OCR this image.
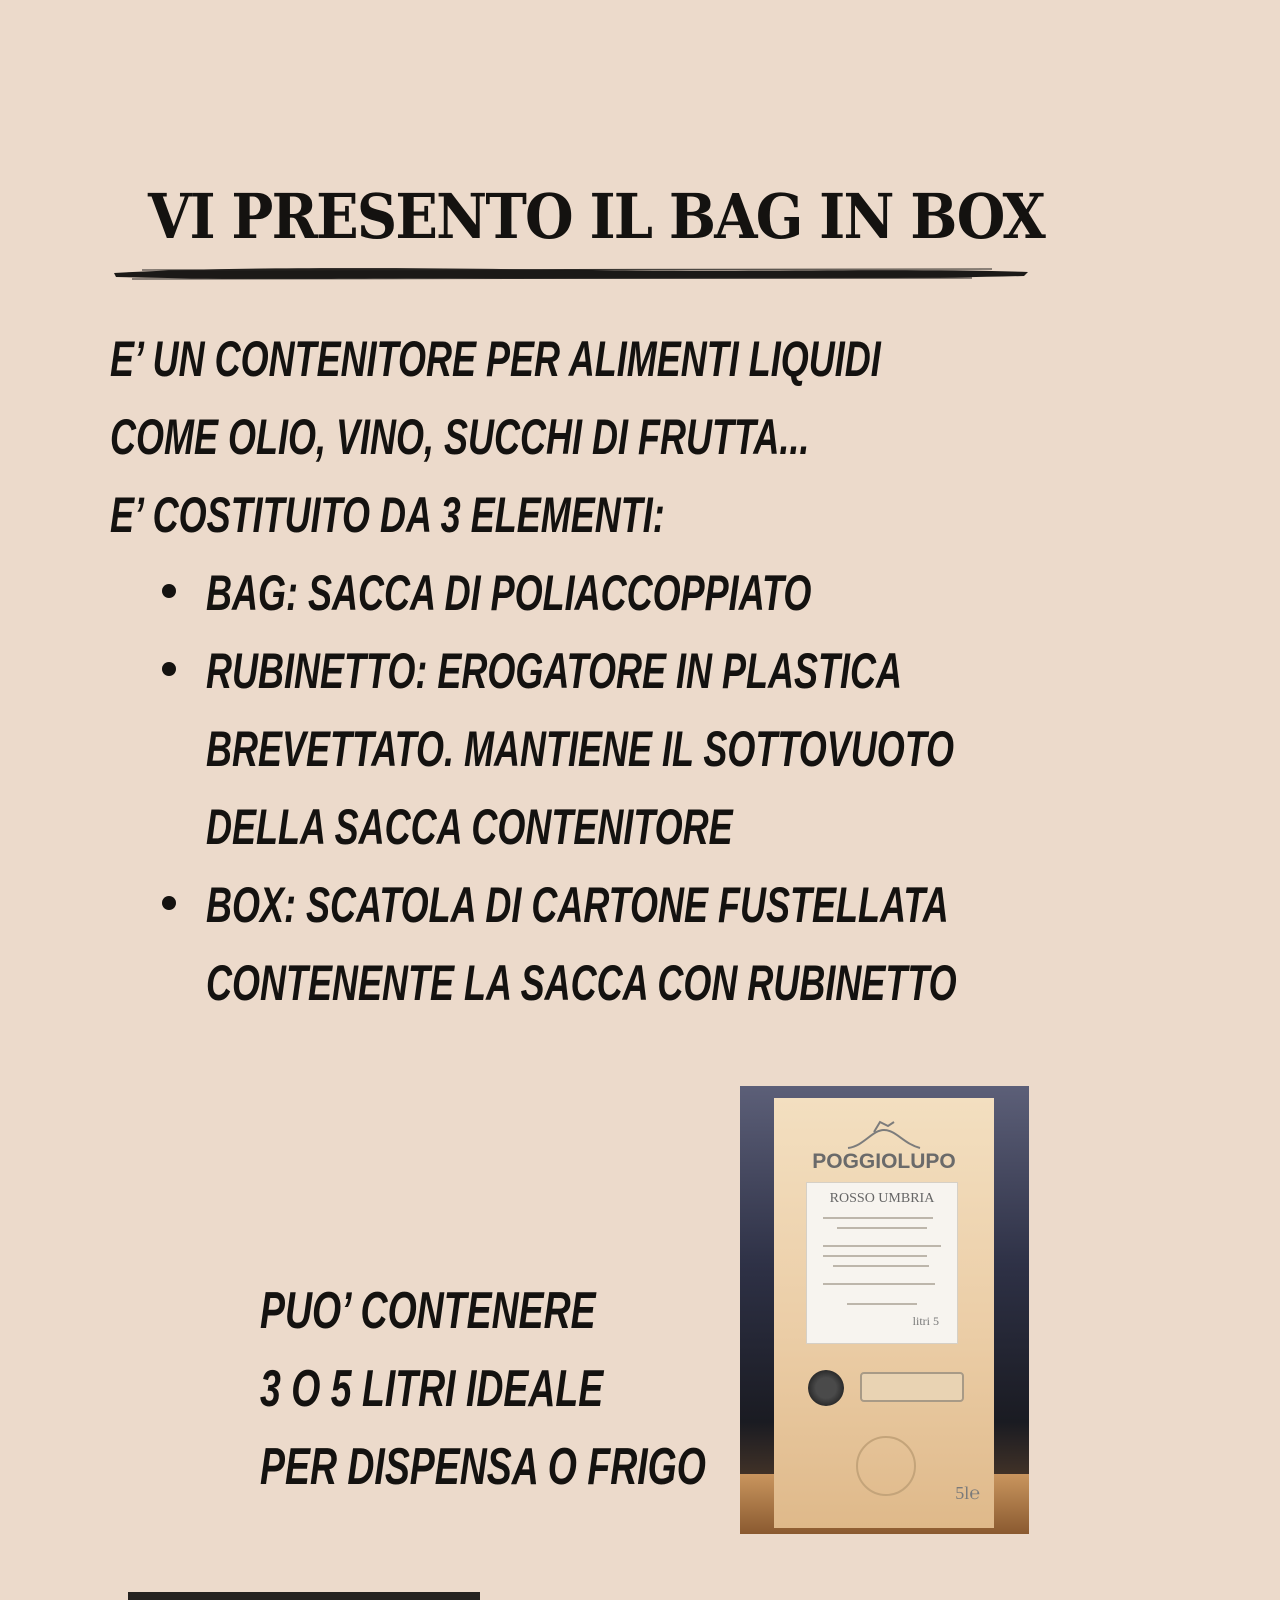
VI PRESENTO IL BAG IN BOX

E’ UN CONTENITORE PER ALIMENTI LIQUIDI

COME OLIO, VINO, SUCCHI DI FRUTTA...

E’ COSTITUITO DA 3 ELEMENTI:

BAG: SACCA DI POLIACCOPPIATO
RUBINETTO: EROGATORE IN PLASTICA
BREVETTATO. MANTIENE IL SOTTOVUOTO
DELLA SACCA CONTENITORE
BOX: SCATOLA DI CARTONE FUSTELLATA
CONTENENTE LA SACCA CON RUBINETTO

PUO’ CONTENERE

3 O 5 LITRI IDEALE

PER DISPENSA O FRIGO

POGGIOLUPO
ROSSO UMBRIA
litri 5
5l℮
